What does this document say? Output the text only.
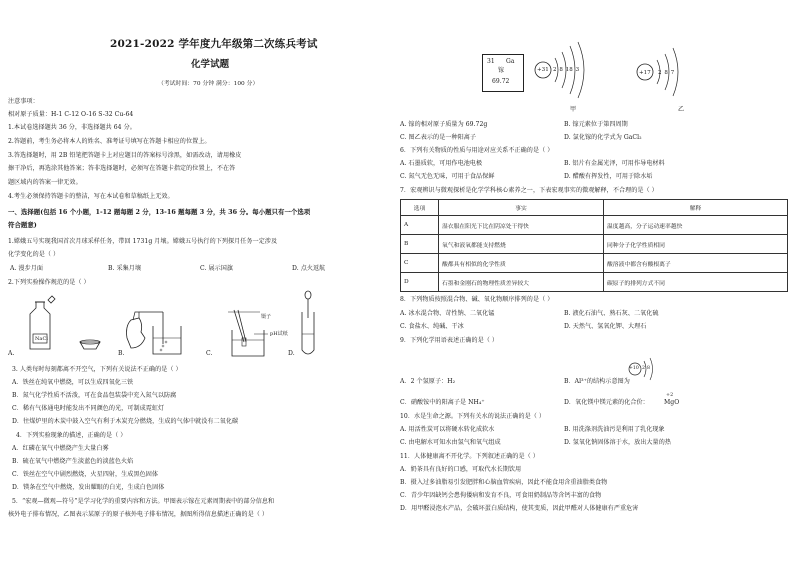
2021-2022 学年度九年级第二次练兵考试
化学试题
（考试时间：70 分钟 满分：100 分）
注意事项：
相对原子质量：H-1 C-12 O-16 S-32 Cu-64
1.本试卷选择题共 36 分，非选择题共 64 分。
2.答题前，考生务必将本人的姓名、准考证号填写在答题卡相应的位置上。
3.答选择题时，用 2B 铅笔把答题卡上对应题目的答案标号涂黑，如需改动，请用橡皮
擦干净后，再选涂其他答案；答非选择题时，必须写在答题卡指定的位置上，不在答
题区域内的答案一律无效。
4.考生必须保持答题卡的整洁，写在本试卷和草稿纸上无效。
一、选择题(包括 16 个小题，1-12 题每题 2 分，13-16 题每题 3 分，共 36 分。每小题只有一个选项
符合题意)
1.嫦娥五号实现我国首次月球采样任务，带回 1731g 月壤。嫦娥五号执行的下列探月任务一定涉及
化学变化的是（ ）
A. 漫步月面	B. 采集月壤	C. 展示国旗	D. 点火返航
2.下列实验操作规范的是（ ）
NaCl
镊子
pH试纸
A.	B.	C.	D.
3. 人类每时每刻都离不开空气，下列有关说法不正确的是（ ）
A．铁丝在纯氧中燃烧，可以生成四氧化三铁
B．氮气化学性质不活泼，可在食品包装袋中充入氮气以防腐
C．稀有气体通电时能发出不同颜色的光，可制成霓虹灯
D．往煤炉里的木炭中鼓入空气有利于木炭充分燃烧，生成的气体中就没有二氧化碳
4．下列实验现象的描述，正确的是（ ）
A．红磷在氧气中燃烧产生大量白雾
B．硫在氧气中燃烧产生淡蓝色的淡蓝色火焰
C．铁丝在空气中剧烈燃烧，火星四射，生成黑色固体
D．镁条在空气中燃烧，发出耀眼的白光，生成白色固体
5．“宏观—微观—符号”是学习化学的重要内容和方法。甲图表示镓在元素周期表中的部分信息和
核外电子排布情况，乙图表示某原子的原子核外电子排布情况，据图所得信息描述正确的是（ ）
31 Ga
镓
69.72
+31 2 8 18 3	+17 2 8 7
甲	乙
A. 镓的相对原子质量为 69.72g	B. 镓元素位于第四周期
C. 图乙表示的是一种阳离子	D. 氯化镓的化学式为 GaCl₂
6．下列有关物质的性质与用途对应关系不正确的是（ ）
A. 石墨质软，可用作电池电极	B. 铝片有金属光泽，可用作导电材料
C. 氮气无色无味，可用于食品保鲜	D. 醋酸有挥发性，可用于除水垢
7．宏观辨识与微观探析是化学学科核心素养之一，下表宏观事实的微观解释，不合理的是（ ）
选项	事实	解释
A	湿衣服在阳光下比在阴凉处干得快	温度越高，分子运动速率越快
B	氧气和液氧都能支持燃烧	同种分子化学性质相同
C	酸都具有相似的化学性质	酸溶液中都含有酸根离子
D	石墨和金刚石的物理性质差异较大	碳原子的排列方式不同
8．下列物质按照混合物、碱、氧化物顺序排列的是（ ）
A. 冰水混合物、苛性钠、二氧化锰	B. 液化石油气、熟石灰、二氧化硫
C. 食盐水、纯碱、干冰	D. 天然气、氢氧化钾、大理石
9．下列化学用语表述正确的是（ ）
+10 2 8
A．2 个氢原子：H₂	B．Al³⁺的结构示意图为
C．硝酸铵中的阳离子是 NH₄⁺	D．氧化镁中镁元素的化合价：
+2
MgO
10．水是生命之源。下列有关水的说法正确的是（ ）
A. 用活性炭可以将硬水转化成软水	B. 用洗涤剂洗油污是利用了乳化现象
C. 由电解水可知水由氢气和氧气组成	D. 氢氧化钠固体溶于水，放出大量的热
11．人体健康离不开化学。下列叙述正确的是（ ）
A．奶茶具有良好的口感，可取代水长期饮用
B．摄入过多油脂易引发肥胖和心脑血管疾病，因此不能食用含重油脂类食物
C．青少年因缺钙会患佝偻病和发育不良，可食用奶制品等含钙丰富的食物
D．用甲醛浸泡水产品，会破坏蛋白质结构，使其变质，因此甲醛对人体健康有严重危害
